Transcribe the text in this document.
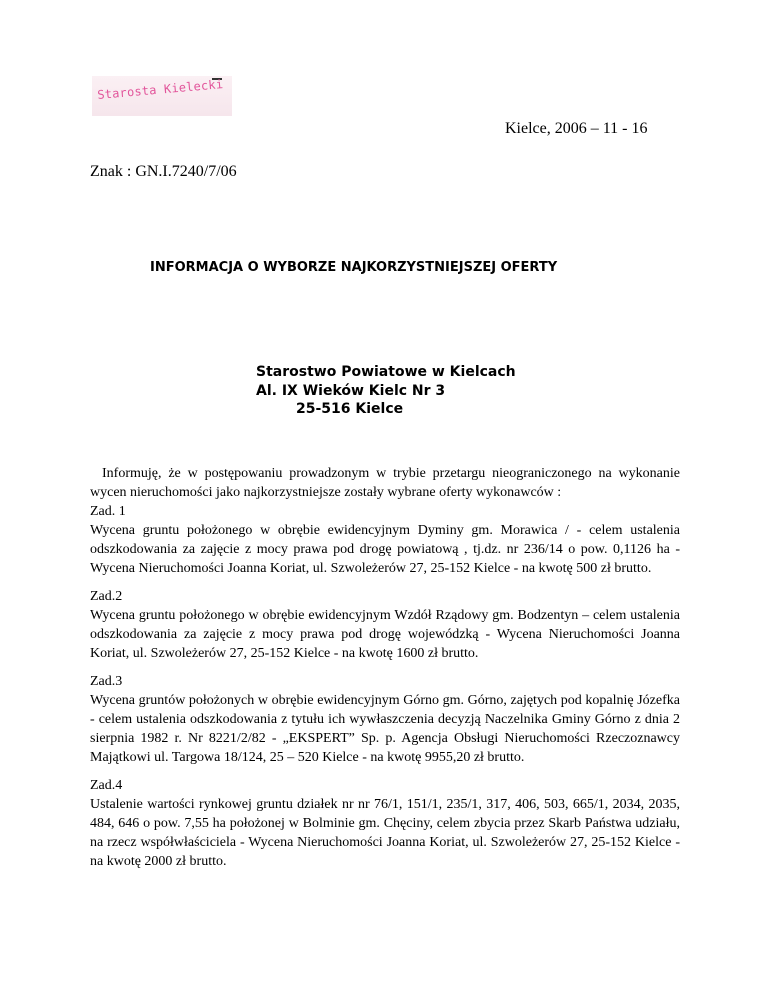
Starosta Kielecki
Kielce, 2006 – 11 - 16
Znak : GN.I.7240/7/06
INFORMACJA O WYBORZE NAJKORZYSTNIEJSZEJ OFERTY
Starostwo Powiatowe w Kielcach
Al. IX Wieków Kielc Nr 3
25-516 Kielce

Informuję, że w postępowaniu prowadzonym w trybie przetargu nieograniczonego na wykonanie wycen nieruchomości jako najkorzystniejsze zostały wybrane oferty wykonawców :

Zad. 1

Wycena gruntu położonego w obrębie ewidencyjnym Dyminy gm. Morawica / - celem ustalenia odszkodowania za zajęcie z mocy prawa pod drogę powiatową , tj.dz. nr 236/14 o pow. 0,1126 ha -Wycena Nieruchomości Joanna Koriat, ul. Szwoleżerów 27, 25-152 Kielce - na kwotę 500 zł brutto.

Zad.2

Wycena gruntu położonego w obrębie ewidencyjnym Wzdół Rządowy gm. Bodzentyn – celem ustalenia odszkodowania za zajęcie z mocy prawa pod drogę wojewódzką - Wycena Nieruchomości Joanna Koriat, ul. Szwoleżerów 27, 25-152 Kielce - na kwotę 1600 zł brutto.

Zad.3

Wycena gruntów położonych w obrębie ewidencyjnym Górno gm. Górno, zajętych pod kopalnię Józefka - celem ustalenia odszkodowania z tytułu ich wywłaszczenia decyzją Naczelnika Gminy Górno z dnia 2 sierpnia 1982 r. Nr 8221/2/82 - „EKSPERT” Sp. p. Agencja Obsługi Nieruchomości Rzeczoznawcy Majątkowi ul. Targowa 18/124, 25 – 520 Kielce - na kwotę 9955,20 zł brutto.

Zad.4

Ustalenie wartości rynkowej gruntu działek nr nr 76/1, 151/1, 235/1, 317, 406, 503, 665/1, 2034, 2035, 484, 646 o pow. 7,55 ha położonej w Bolminie gm. Chęciny, celem zbycia przez Skarb Państwa udziału, na rzecz współwłaściciela - Wycena Nieruchomości Joanna Koriat, ul. Szwoleżerów 27, 25-152 Kielce - na kwotę 2000 zł brutto.
